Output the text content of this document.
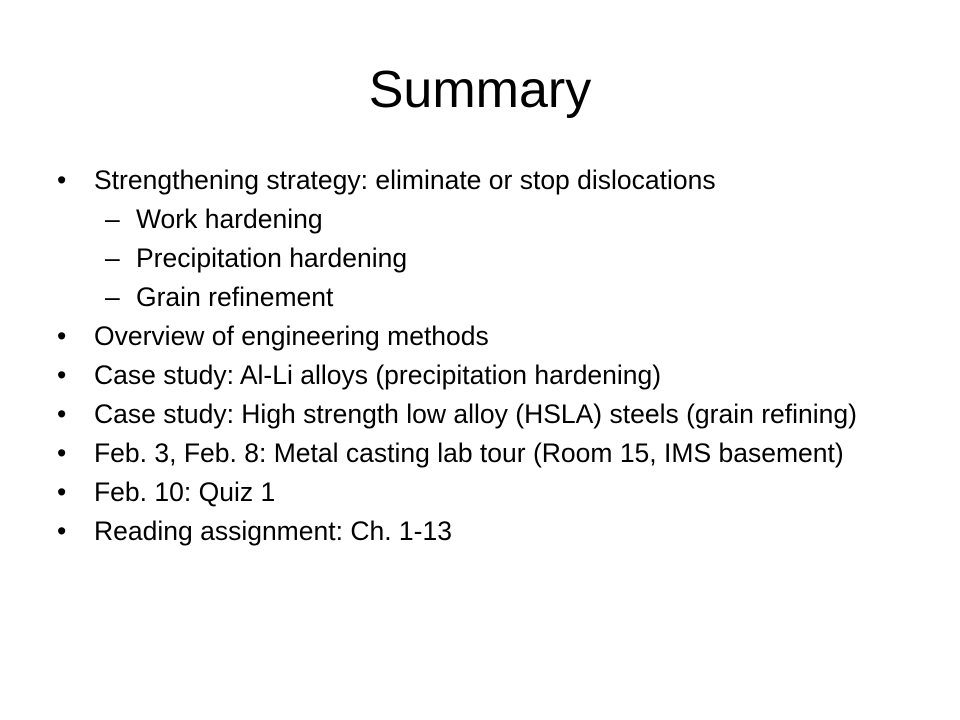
Summary
•	Strengthening strategy: eliminate or stop dislocations
– Work hardening
– Precipitation hardening
– Grain refinement
•	Overview of engineering methods
•	Case study: Al-Li alloys (precipitation hardening)
•	Case study: High strength low alloy (HSLA) steels (grain refining)
•	Feb. 3, Feb. 8: Metal casting lab tour (Room 15, IMS basement)
•	Feb. 10: Quiz 1
•	Reading assignment: Ch. 1-13
